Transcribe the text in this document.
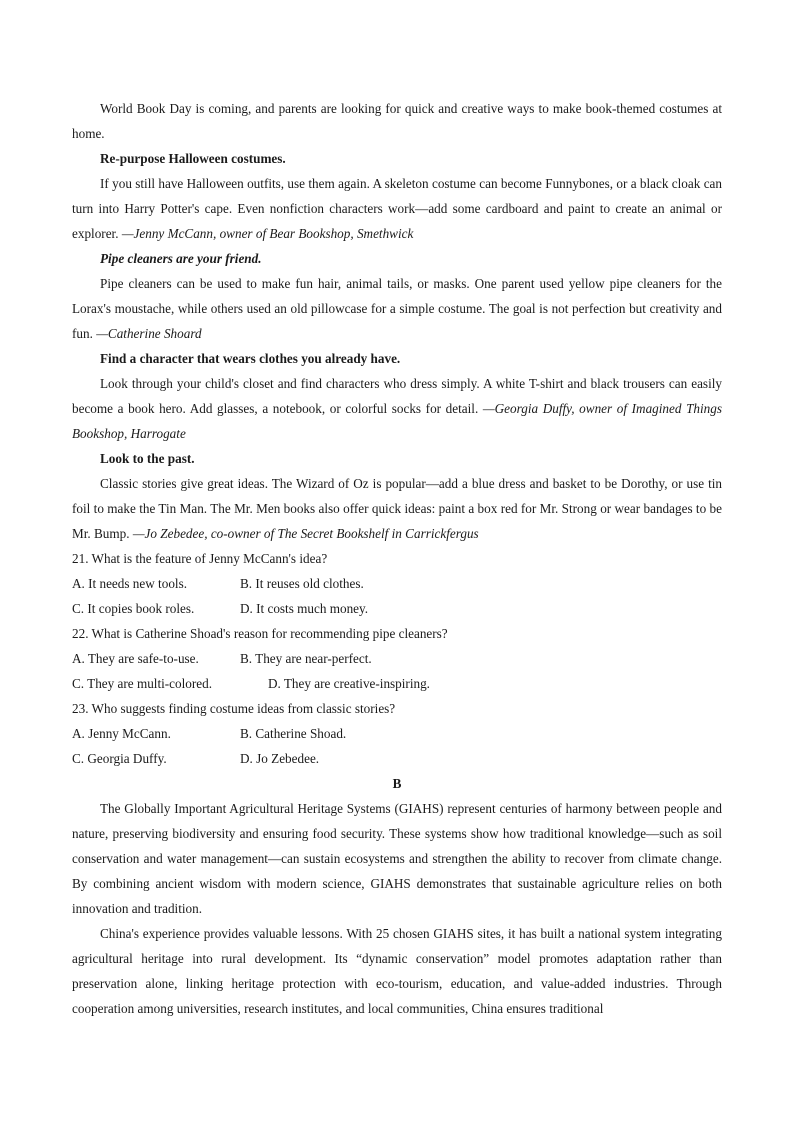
World Book Day is coming, and parents are looking for quick and creative ways to make book-themed costumes at home.

Re-purpose Halloween costumes.

If you still have Halloween outfits, use them again. A skeleton costume can become Funnybones, or a black cloak can turn into Harry Potter's cape. Even nonfiction characters work—add some cardboard and paint to create an animal or explorer. —Jenny McCann, owner of Bear Bookshop, Smethwick

Pipe cleaners are your friend.

Pipe cleaners can be used to make fun hair, animal tails, or masks. One parent used yellow pipe cleaners for the Lorax's moustache, while others used an old pillowcase for a simple costume. The goal is not perfection but creativity and fun. —Catherine Shoard

Find a character that wears clothes you already have.

Look through your child's closet and find characters who dress simply. A white T-shirt and black trousers can easily become a book hero. Add glasses, a notebook, or colorful socks for detail. —Georgia Duffy, owner of Imagined Things Bookshop, Harrogate

Look to the past.

Classic stories give great ideas. The Wizard of Oz is popular—add a blue dress and basket to be Dorothy, or use tin foil to make the Tin Man. The Mr. Men books also offer quick ideas: paint a box red for Mr. Strong or wear bandages to be Mr. Bump. —Jo Zebedee, co-owner of The Secret Bookshelf in Carrickfergus

21. What is the feature of Jenny McCann's idea?

A. It needs new tools.	B. It reuses old clothes.
C. It copies book roles.	D. It costs much money.

22. What is Catherine Shoad's reason for recommending pipe cleaners?

A. They are safe-to-use.	B. They are near-perfect.
C. They are multi-colored.	D. They are creative-inspiring.

23. Who suggests finding costume ideas from classic stories?

A. Jenny McCann.	B. Catherine Shoad.
C. Georgia Duffy.	D. Jo Zebedee.

B

The Globally Important Agricultural Heritage Systems (GIAHS) represent centuries of harmony between people and nature, preserving biodiversity and ensuring food security. These systems show how traditional knowledge—such as soil conservation and water management—can sustain ecosystems and strengthen the ability to recover from climate change. By combining ancient wisdom with modern science, GIAHS demonstrates that sustainable agriculture relies on both innovation and tradition.

China's experience provides valuable lessons. With 25 chosen GIAHS sites, it has built a national system integrating agricultural heritage into rural development. Its “dynamic conservation” model promotes adaptation rather than preservation alone, linking heritage protection with eco-tourism, education, and value-added industries. Through cooperation among universities, research institutes, and local communities, China ensures traditional
